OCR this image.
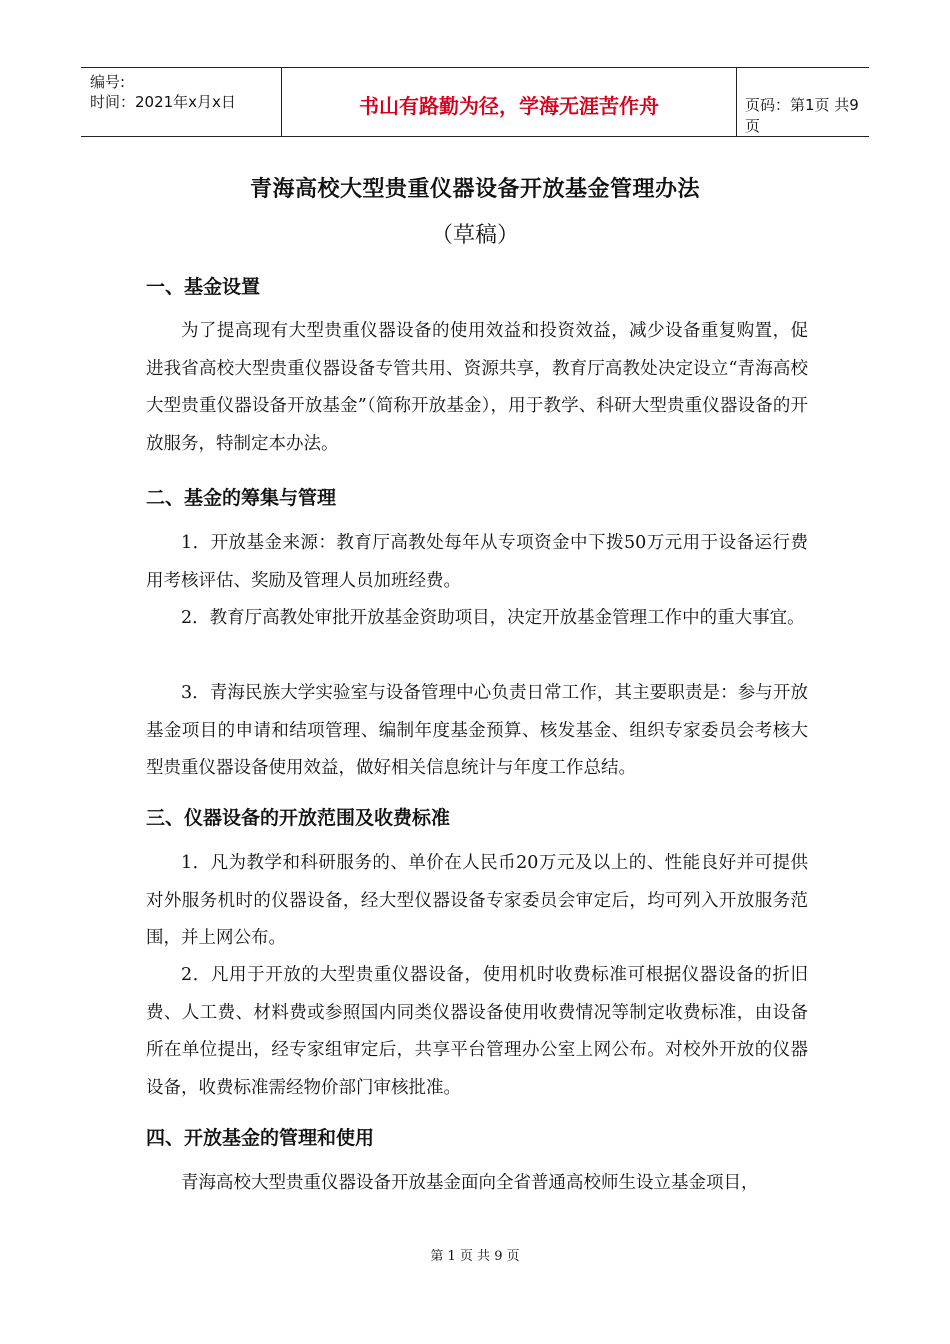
编号:
时间：2021年x月x日	书山有路勤为径，学海无涯苦作舟	页码：第1页 共9页
青海高校大型贵重仪器设备开放基金管理办法
（草稿）
一、基金设置

为了提高现有大型贵重仪器设备的使用效益和投资效益，减少设备重复购置，促进我省高校大型贵重仪器设备专管共用、资源共享，教育厅高教处决定设立“青海高校大型贵重仪器设备开放基金”（简称开放基金），用于教学、科研大型贵重仪器设备的开放服务，特制定本办法。

二、基金的筹集与管理

1．开放基金来源：教育厅高教处每年从专项资金中下拨50万元用于设备运行费用考核评估、奖励及管理人员加班经费。

2．教育厅高教处审批开放基金资助项目，决定开放基金管理工作中的重大事宜。

3．青海民族大学实验室与设备管理中心负责日常工作，其主要职责是：参与开放基金项目的申请和结项管理、编制年度基金预算、核发基金、组织专家委员会考核大型贵重仪器设备使用效益，做好相关信息统计与年度工作总结。

三、仪器设备的开放范围及收费标准

1．凡为教学和科研服务的、单价在人民币20万元及以上的、性能良好并可提供对外服务机时的仪器设备，经大型仪器设备专家委员会审定后，均可列入开放服务范围，并上网公布。

2．凡用于开放的大型贵重仪器设备，使用机时收费标准可根据仪器设备的折旧费、人工费、材料费或参照国内同类仪器设备使用收费情况等制定收费标准，由设备所在单位提出，经专家组审定后，共享平台管理办公室上网公布。对校外开放的仪器设备，收费标准需经物价部门审核批准。

四、开放基金的管理和使用

青海高校大型贵重仪器设备开放基金面向全省普通高校师生设立基金项目，

第 1 页 共 9 页
